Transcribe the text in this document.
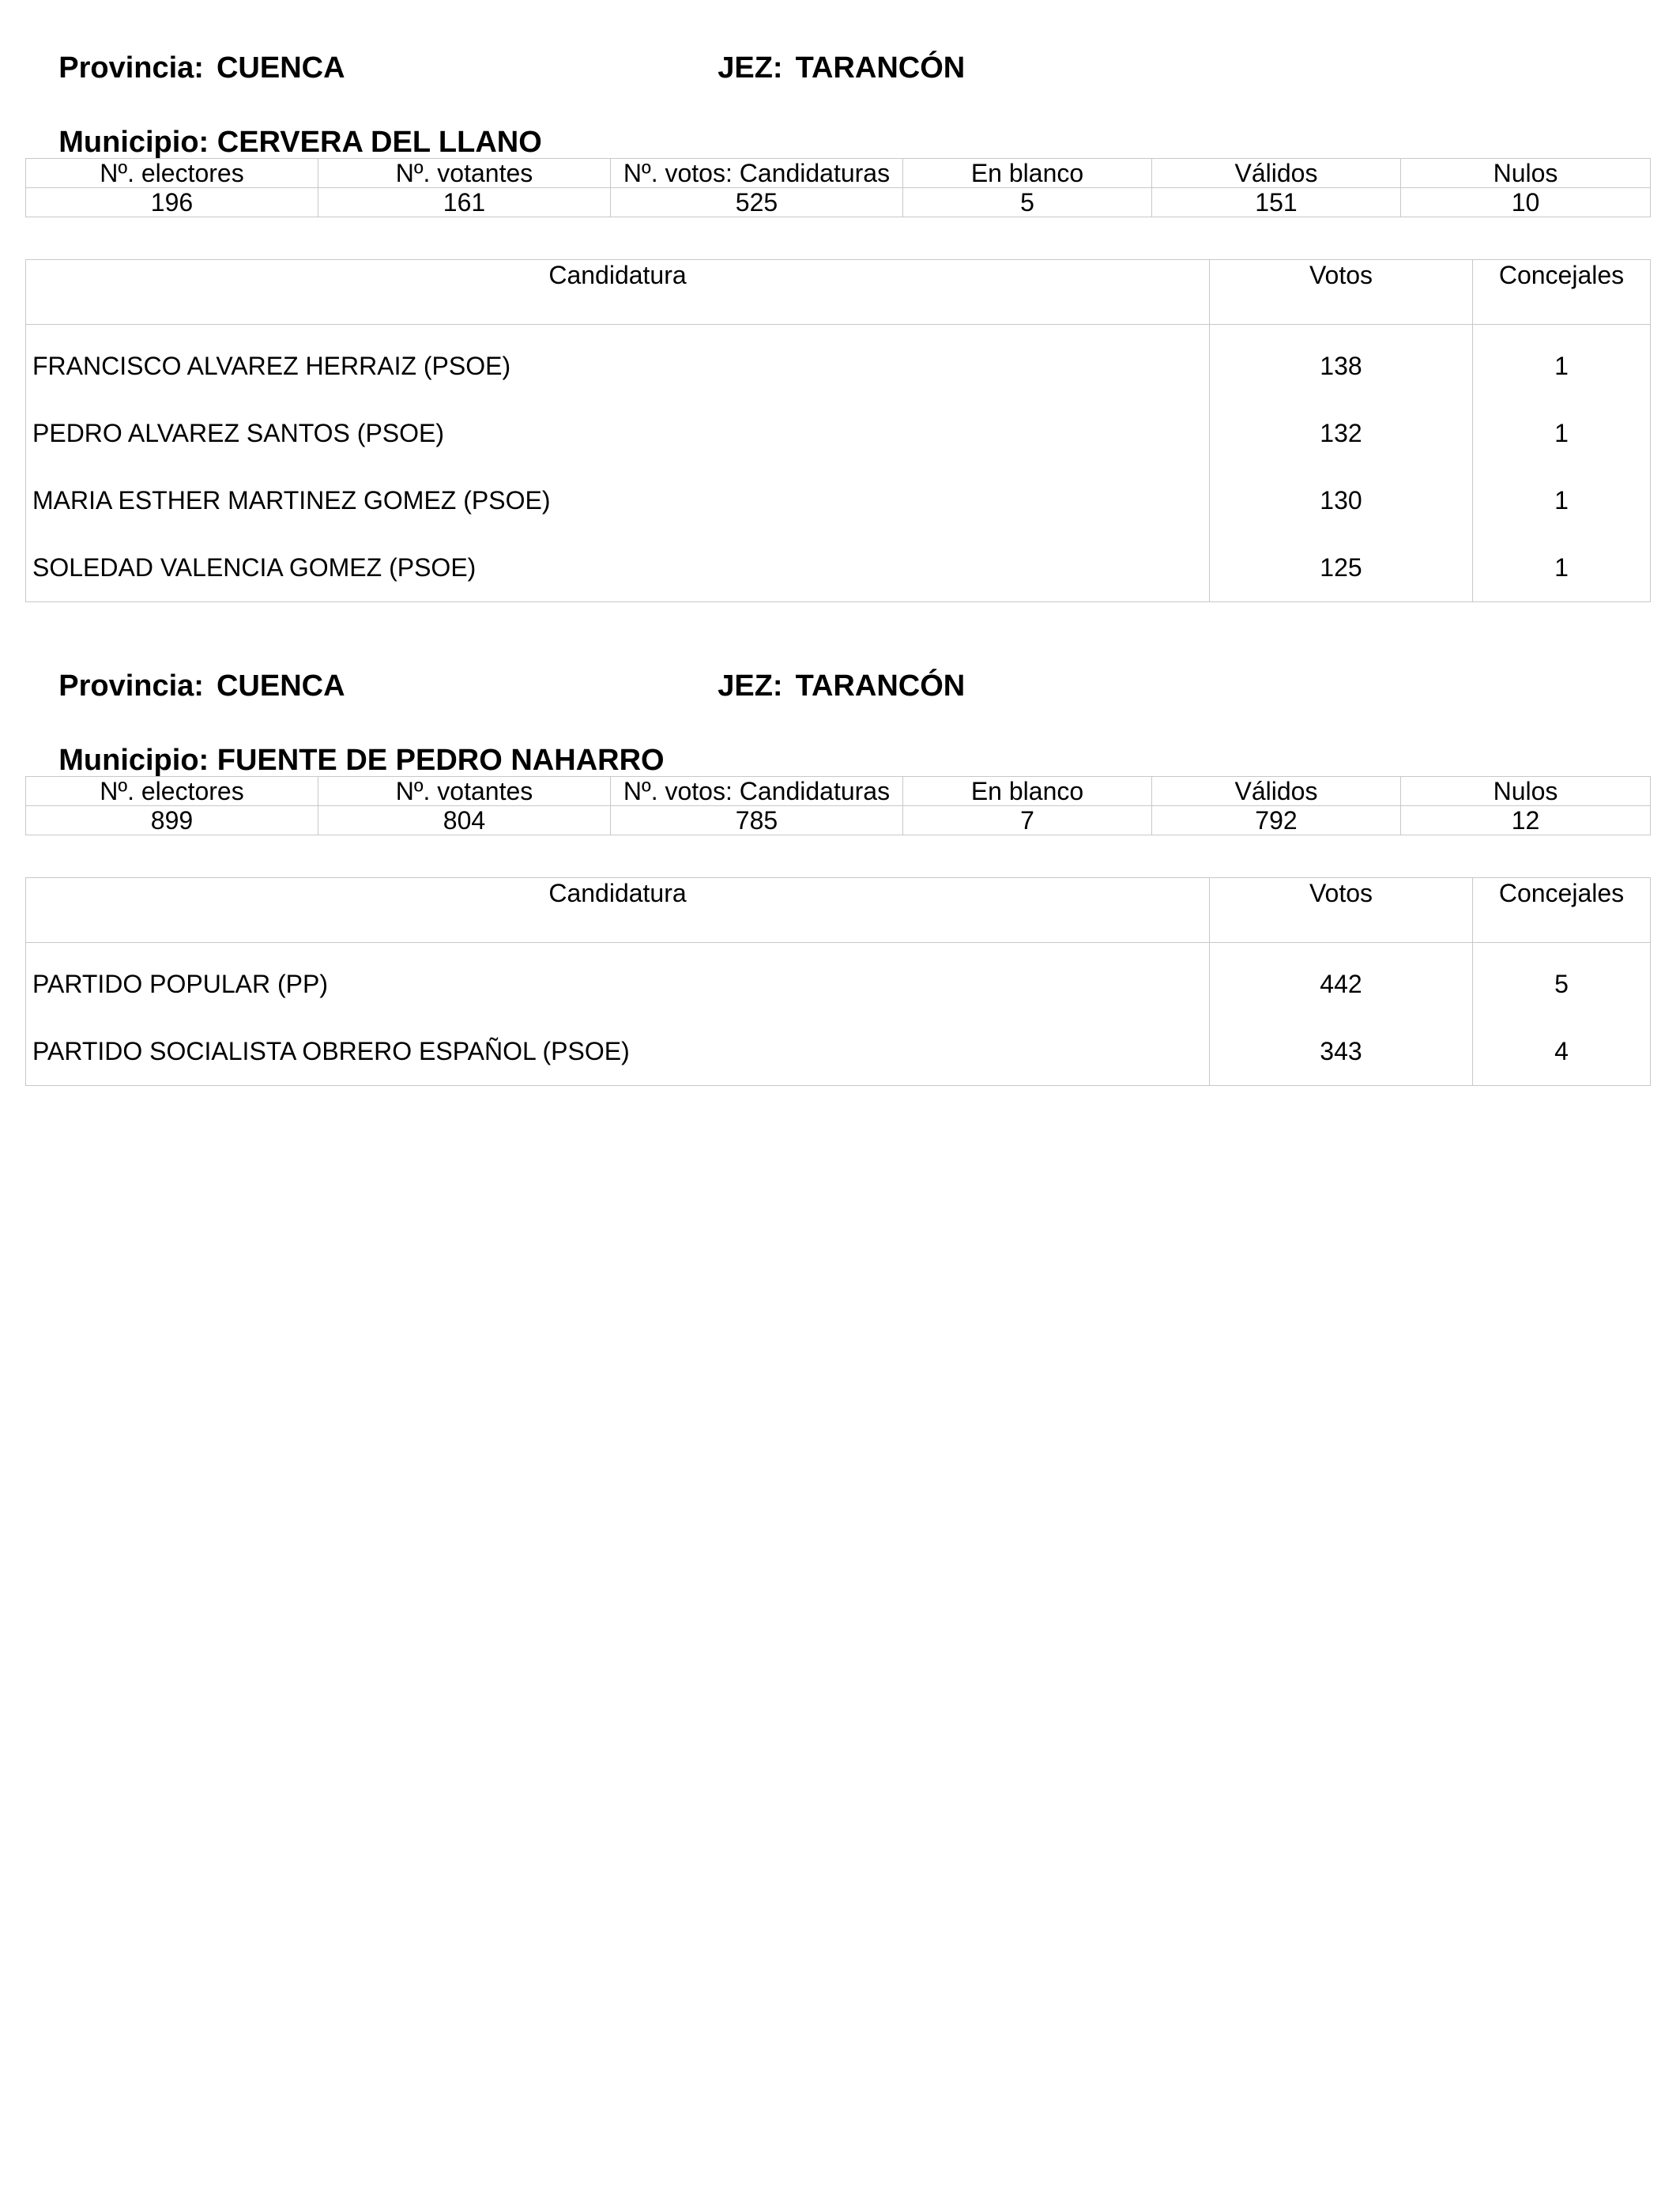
Provincia: CUENCA
	JEZ: TARANCÓN

Municipio: CERVERA DEL LLANO

Nº. electores	Nº. votantes	Nº. votos: Candidaturas	En blanco	Válidos	Nulos
196	161	525	5	151	10
Candidatura	Votos	Concejales
FRANCISCO ALVAREZ HERRAIZ (PSOE)	138	1
PEDRO ALVAREZ SANTOS (PSOE)	132	1
MARIA ESTHER MARTINEZ GOMEZ (PSOE)	130	1
SOLEDAD VALENCIA GOMEZ (PSOE)	125	1

Provincia: CUENCA
	JEZ: TARANCÓN

Municipio: FUENTE DE PEDRO NAHARRO

Nº. electores	Nº. votantes	Nº. votos: Candidaturas	En blanco	Válidos	Nulos
899	804	785	7	792	12
Candidatura	Votos	Concejales
PARTIDO POPULAR (PP)	442	5
PARTIDO SOCIALISTA OBRERO ESPAÑOL (PSOE)	343	4
